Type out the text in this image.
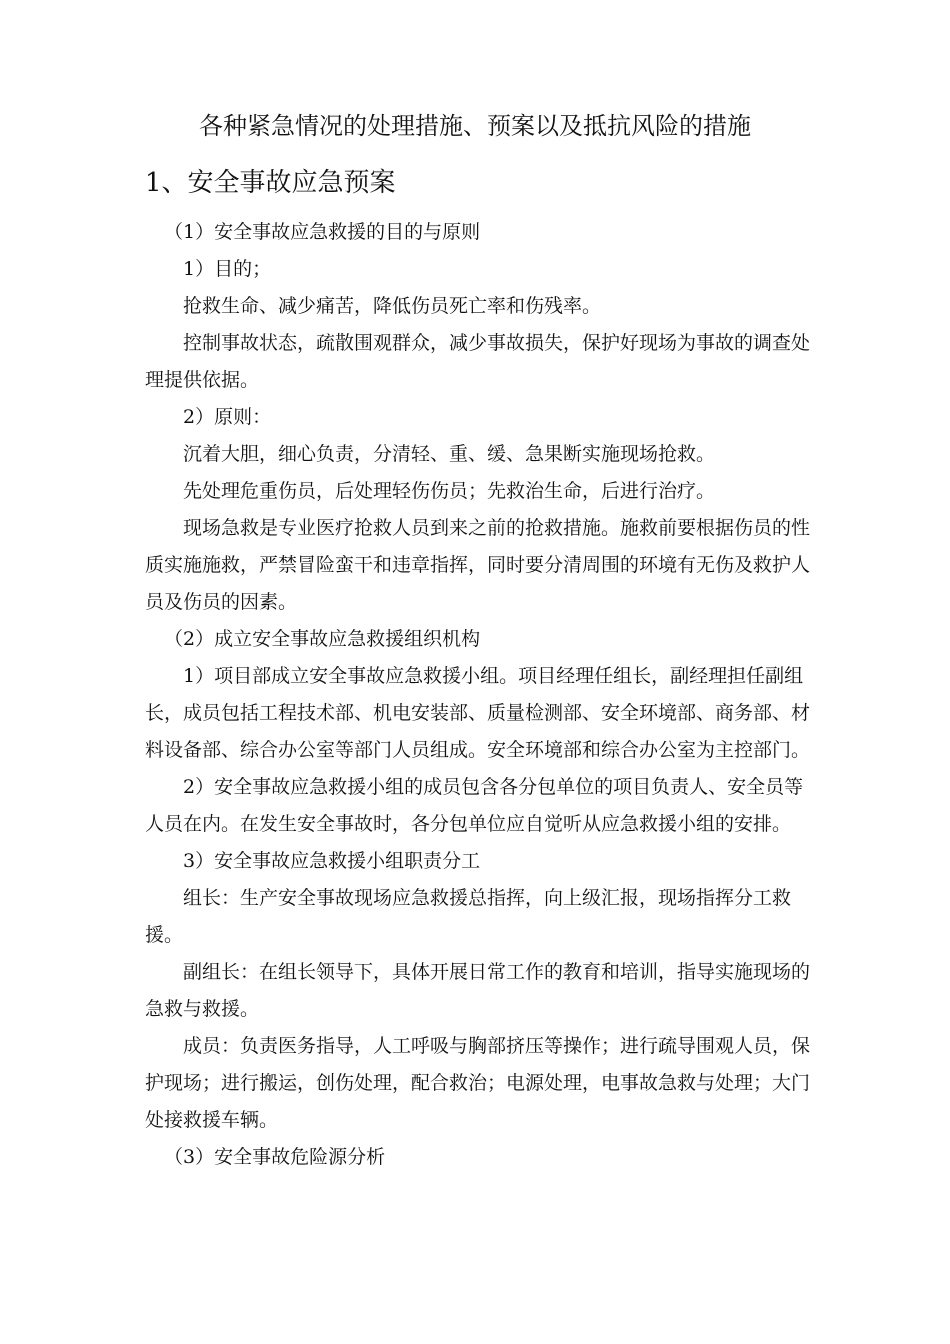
各种紧急情况的处理措施、预案以及抵抗风险的措施
1、安全事故应急预案

（1）安全事故应急救援的目的与原则

1）目的；

抢救生命、减少痛苦，降低伤员死亡率和伤残率。

控制事故状态，疏散围观群众，减少事故损失，保护好现场为事故的调查处理提供依据。

2）原则：

沉着大胆，细心负责，分清轻、重、缓、急果断实施现场抢救。

先处理危重伤员，后处理轻伤伤员；先救治生命，后进行治疗。

现场急救是专业医疗抢救人员到来之前的抢救措施。施救前要根据伤员的性质实施施救，严禁冒险蛮干和违章指挥，同时要分清周围的环境有无伤及救护人员及伤员的因素。

（2）成立安全事故应急救援组织机构

1）项目部成立安全事故应急救援小组。项目经理任组长，副经理担任副组长，成员包括工程技术部、机电安装部、质量检测部、安全环境部、商务部、材料设备部、综合办公室等部门人员组成。安全环境部和综合办公室为主控部门。

2）安全事故应急救援小组的成员包含各分包单位的项目负责人、安全员等人员在内。在发生安全事故时，各分包单位应自觉听从应急救援小组的安排。

3）安全事故应急救援小组职责分工

组长：生产安全事故现场应急救援总指挥，向上级汇报，现场指挥分工救援。

副组长：在组长领导下，具体开展日常工作的教育和培训，指导实施现场的急救与救援。

成员：负责医务指导，人工呼吸与胸部挤压等操作；进行疏导围观人员，保护现场；进行搬运，创伤处理，配合救治；电源处理，电事故急救与处理；大门处接救援车辆。

（3）安全事故危险源分析
